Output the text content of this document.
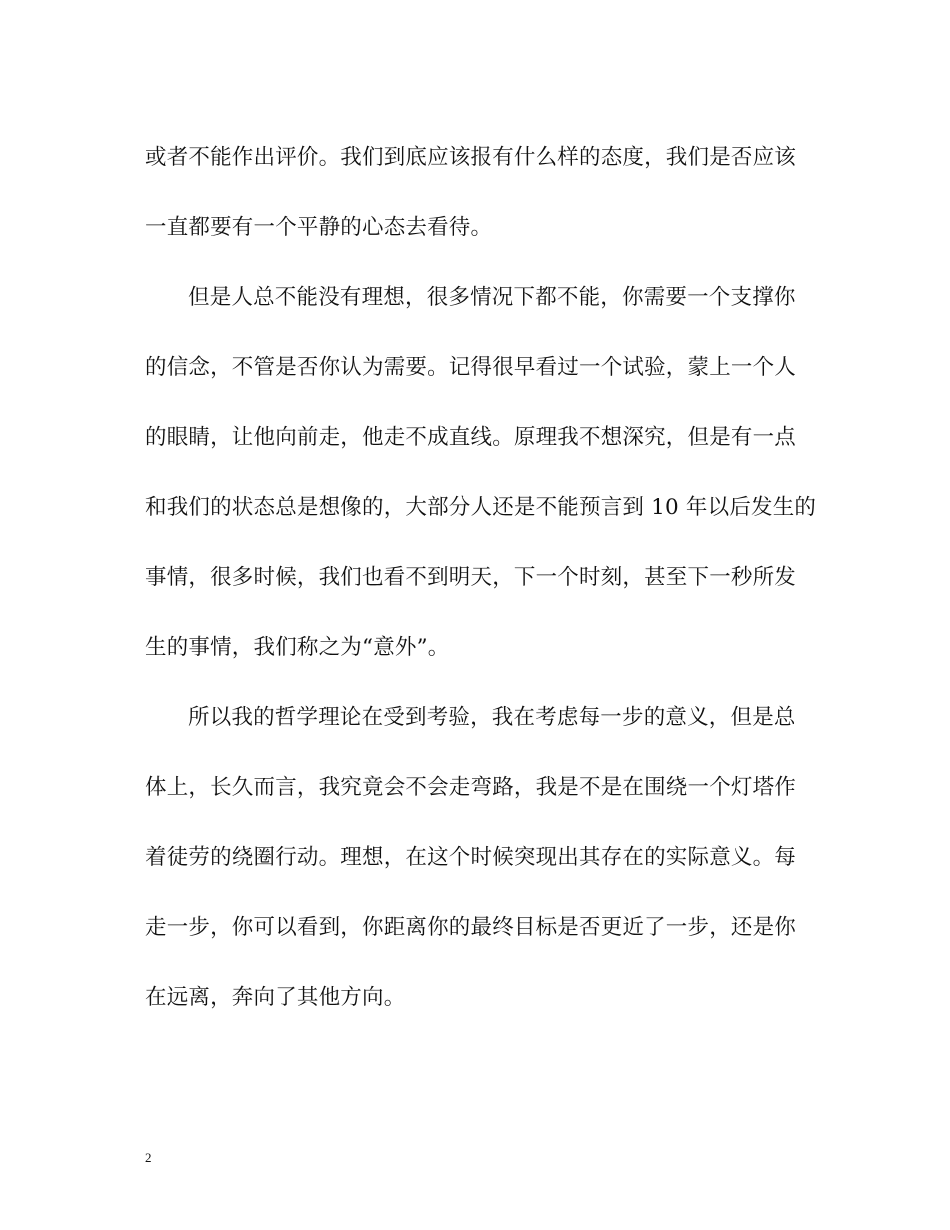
或者不能作出评价。我们到底应该报有什么样的态度，我们是否应该
一直都要有一个平静的心态去看待。
但是人总不能没有理想，很多情况下都不能，你需要一个支撑你
的信念，不管是否你认为需要。记得很早看过一个试验，蒙上一个人
的眼睛，让他向前走，他走不成直线。原理我不想深究，但是有一点
和我们的状态总是想像的，大部分人还是不能预言到 10 年以后发生的
事情，很多时候，我们也看不到明天，下一个时刻，甚至下一秒所发
生的事情，我们称之为“意外”。
所以我的哲学理论在受到考验，我在考虑每一步的意义，但是总
体上，长久而言，我究竟会不会走弯路，我是不是在围绕一个灯塔作
着徒劳的绕圈行动。理想，在这个时候突现出其存在的实际意义。每
走一步，你可以看到，你距离你的最终目标是否更近了一步，还是你
在远离，奔向了其他方向。
2
